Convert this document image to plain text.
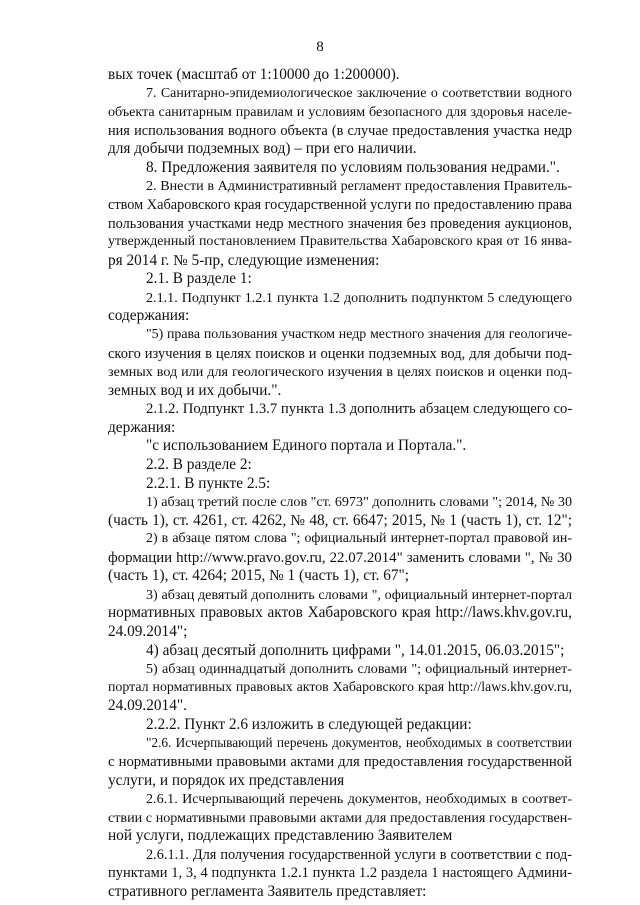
8
вых точек (масштаб от 1:10000 до 1:200000).
7. Санитарно-эпидемиологическое заключение о соответствии водного
объекта санитарным правилам и условиям безопасного для здоровья населе-
ния использования водного объекта (в случае предоставления участка недр
для добычи подземных вод) – при его наличии.
8. Предложения заявителя по условиям пользования недрами.".
2. Внести в Административный регламент предоставления Правитель-
ством Хабаровского края государственной услуги по предоставлению права
пользования участками недр местного значения без проведения аукционов,
утвержденный постановлением Правительства Хабаровского края от 16 янва-
ря 2014 г. № 5-пр, следующие изменения:
2.1. В разделе 1:
2.1.1. Подпункт 1.2.1 пункта 1.2 дополнить подпунктом 5 следующего
содержания:
"5) права пользования участком недр местного значения для геологиче-
ского изучения в целях поисков и оценки подземных вод, для добычи под-
земных вод или для геологического изучения в целях поисков и оценки под-
земных вод и их добычи.".
2.1.2. Подпункт 1.3.7 пункта 1.3 дополнить абзацем следующего со-
держания:
"с использованием Единого портала и Портала.".
2.2. В разделе 2:
2.2.1. В пункте 2.5:
1) абзац третий после слов "ст. 6973" дополнить словами "; 2014, № 30
(часть 1), ст. 4261, ст. 4262, № 48, ст. 6647; 2015, № 1 (часть 1), ст. 12";
2) в абзаце пятом слова "; официальный интернет-портал правовой ин-
формации http://www.pravo.gov.ru, 22.07.2014" заменить словами ", № 30
(часть 1), ст. 4264; 2015, № 1 (часть 1), ст. 67";
3) абзац девятый дополнить словами ", официальный интернет-портал
нормативных правовых актов Хабаровского края http://laws.khv.gov.ru,
24.09.2014";
4) абзац десятый дополнить цифрами ", 14.01.2015, 06.03.2015";
5) абзац одиннадцатый дополнить словами "; официальный интернет-
портал нормативных правовых актов Хабаровского края http://laws.khv.gov.ru,
24.09.2014".
2.2.2. Пункт 2.6 изложить в следующей редакции:
"2.6. Исчерпывающий перечень документов, необходимых в соответствии
с нормативными правовыми актами для предоставления государственной
услуги, и порядок их представления
2.6.1. Исчерпывающий перечень документов, необходимых в соответ-
ствии с нормативными правовыми актами для предоставления государствен-
ной услуги, подлежащих представлению Заявителем
2.6.1.1. Для получения государственной услуги в соответствии с под-
пунктами 1, 3, 4 подпункта 1.2.1 пункта 1.2 раздела 1 настоящего Админи-
стративного регламента Заявитель представляет:
